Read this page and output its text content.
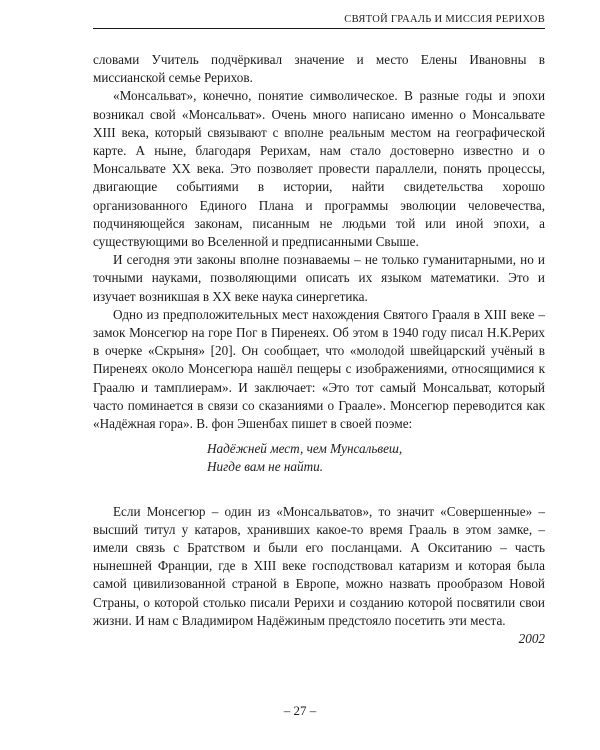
СВЯТОЙ ГРААЛЬ И МИССИЯ РЕРИХОВ

словами Учитель подчёркивал значение и место Елены Ивановны в миссианской семье Рерихов.

«Монсальват», конечно, понятие символическое. В разные годы и эпохи возникал свой «Монсальват». Очень много написано именно о Монсальвате XIII века, который связывают с вполне реальным местом на географической карте. А ныне, благодаря Рерихам, нам стало достоверно известно и о Монсальвате XX века. Это позволяет провести параллели, понять процессы, двигающие событиями в истории, найти свидетельства хорошо организованного Единого Плана и программы эволюции человечества, подчиняющейся законам, писанным не людьми той или иной эпохи, а существующими во Вселенной и предписанными Свыше.

И сегодня эти законы вполне познаваемы – не только гуманитарными, но и точными науками, позволяющими описать их языком математики. Это и изучает возникшая в XX веке наука синергетика.

Одно из предположительных мест нахождения Святого Грааля в XIII веке – замок Монсегюр на горе Пог в Пиренеях. Об этом в 1940 году писал Н.К.Рерих в очерке «Скрыня» [20]. Он сообщает, что «молодой швейцарский учёный в Пиренеях около Монсегюра нашёл пещеры с изображениями, относящимися к Граалю и тамплиерам». И заключает: «Это тот самый Монсальват, который часто поминается в связи со сказаниями о Граале». Монсегюр переводится как «Надёжная гора». В. фон Эшенбах пишет в своей поэме:

Надёжней мест, чем Мунсальвеш,
Нигде вам не найти.

Если Монсегюр – один из «Монсальватов», то значит «Совершенные» – высший титул у катаров, хранивших какое-то время Грааль в этом замке, – имели связь с Братством и были его посланцами. А Окситанию – часть нынешней Франции, где в XIII веке господствовал катаризм и которая была самой цивилизованной страной в Европе, можно назвать прообразом Новой Страны, о которой столько писали Рерихи и созданию которой посвятили свои жизни. И нам с Владимиром Надёжиным предстояло посетить эти места.

2002
– 27 –
